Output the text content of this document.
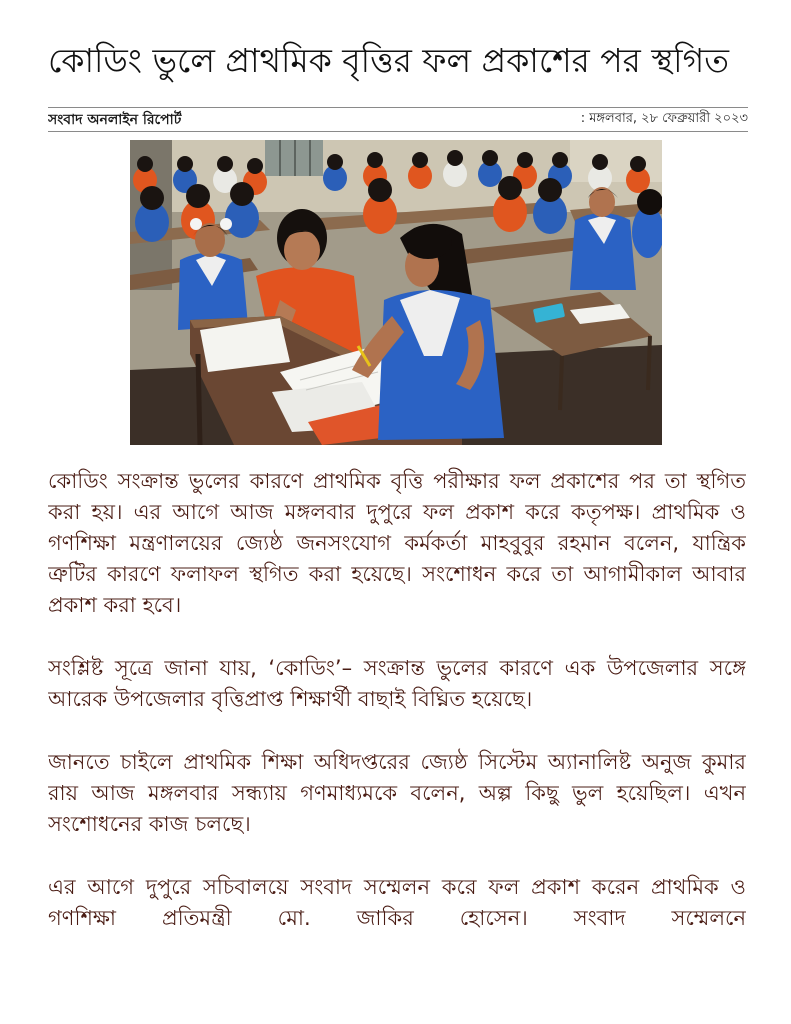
কোডিং ভুলে প্রাথমিক বৃত্তির ফল প্রকাশের পর স্থগিত
সংবাদ অনলাইন রিপোর্ট	: মঙ্গলবার, ২৮ ফেব্রুয়ারী ২০২৩

কোডিং সংক্রান্ত ভুলের কারণে প্রাথমিক বৃত্তি পরীক্ষার ফল প্রকাশের পর তা স্থগিত করা হয়। এর আগে আজ মঙ্গলবার দুপুরে ফল প্রকাশ করে কতৃপক্ষ। প্রাথমিক ও গণশিক্ষা মন্ত্রণালয়ের জ্যেষ্ঠ জনসংযোগ কর্মকর্তা মাহবুবুর রহমান বলেন, যান্ত্রিক ত্রুটির কারণে ফলাফল স্থগিত করা হয়েছে। সংশোধন করে তা আগামীকাল আবার প্রকাশ করা হবে।

সংশ্লিষ্ট সূত্রে জানা যায়, ‘কোডিং’– সংক্রান্ত ভুলের কারণে এক উপজেলার সঙ্গে আরেক উপজেলার বৃত্তিপ্রাপ্ত শিক্ষার্থী বাছাই বিঘ্নিত হয়েছে।

জানতে চাইলে প্রাথমিক শিক্ষা অধিদপ্তরের জ্যেষ্ঠ সিস্টেম অ্যানালিষ্ট অনুজ কুমার রায় আজ মঙ্গলবার সন্ধ্যায় গণমাধ্যমকে বলেন, অল্প কিছু ভুল হয়েছিল। এখন সংশোধনের কাজ চলছে।

এর আগে দুপুরে সচিবালয়ে সংবাদ সম্মেলন করে ফল প্রকাশ করেন প্রাথমিক ও গণশিক্ষা প্রতিমন্ত্রী মো. জাকির হোসেন। সংবাদ সম্মেলনে
